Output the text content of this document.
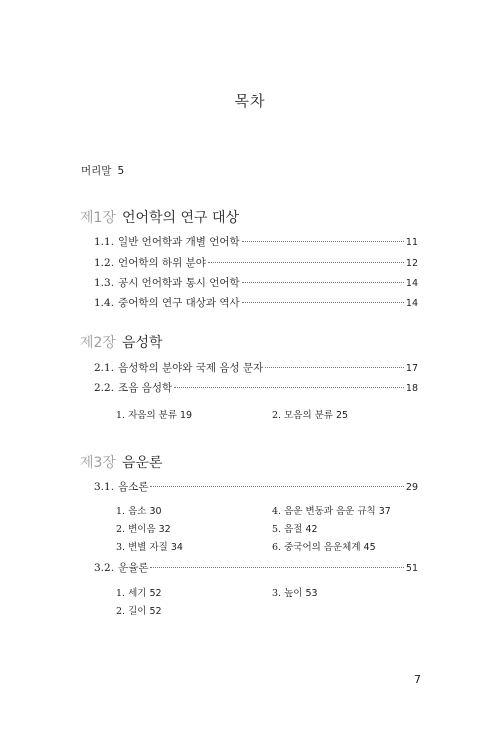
목차
머리말 5
제1장 언어학의 연구 대상
1.1. 일반 언어학과 개별 언어학	11
1.2. 언어학의 하위 분야	12
1.3. 공시 언어학과 통시 언어학	14
1.4. 중어학의 연구 대상과 역사	14
제2장 음성학
2.1. 음성학의 분야와 국제 음성 문자	17
2.2. 조음 음성학	18
1. 자음의 분류 19	2. 모음의 분류 25
제3장 음운론
3.1. 음소론	29
1. 음소 30	4. 음운 변동과 음운 규칙 37
2. 변이음 32	5. 음절 42
3. 변별 자질 34	6. 중국어의 음운체계 45
3.2. 운율론	51
1. 세기 52	3. 높이 53
2. 길이 52
7
